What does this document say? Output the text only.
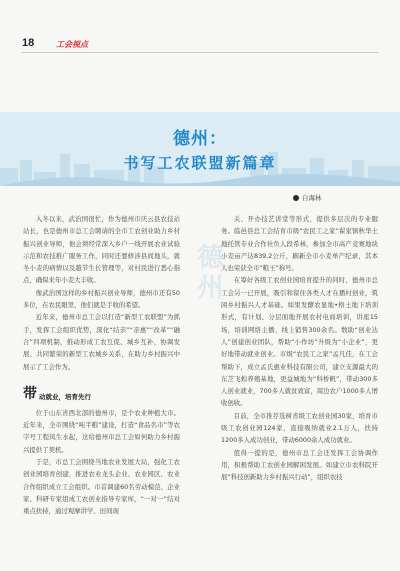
18	工会视点
德州：
书写工农联盟新篇章
自海林
德州

入冬以来，武治国很忙，作为德州市庆云县农技站站长，也是德州市总工会聘请的全市工农创业助力乡村振兴创业导师，他会须经常深入乡户一线开展农业试验示范和农技推广服务工作，同时还要修涉县间地头，就冬小麦的病情以及越节生长管理等，对村民进行悉心指点，确保来年小麦大丰收。

像武治国这样的乡村振兴创业导师，德州市还有50多位，在农民眼里，他们就是手收的希望。

近年来，德州市总工会以打造“新型工农联盟”为抓手，发挥工会组织优势，深化“结亲”“亲惠”“改革”“融合”四项机制，推动形成工农互促、城乡互补、协调发展、共同繁荣的新型工农城乡关系，在助力乡村振兴中展示了工会作为。

带 动就业，培育先行

位于山东省西北部的德州市，是个农业种植大市。近年来，全市围绕“吨半粮”建设，打造“食品名市”等农字号工程凤生水起，这给德州市总工会如何助力乡村振兴提供了契机。

于是，市总工会围绕当地农业发展大局，强化工农创业园培育创建，推进农业龙头企业、农业园区、农业合作组织成立工会组织。市首调建60名劳动模范、企业家、科研专家组成工农创业指导专家库，“一对一”结对重点扶持，通过观摩讲学、田间现

关、开办技艺讲堂等形式，提供多层次的专业服务。临邑县总工会结育市级“农民工之家”翟家镇秋华土地托管专业合作社负人段希林，参加全市高产竞赛地块小麦亩产达839.2公斤，刷新全市小麦单产纪录，其本人也荣获全市“粮王”称号。

在筹好各级工农创业园培育提升的同时，德州市总工会另一已开展，吸引和留住各类人才在播村创业，筑困乡村振兴人才基础。如果发酵农显地•格土地下培训形式，有计划、分层面地开展农村电商培训，讲座15场，培训网络主播、线上销售300余名。数助“创业达人”创建创业团队，帮助“小作坊”升级为“小企业”，更好地带动就业创业。市级“农民工之家”孟凡佳，在工会帮助下，成立孟氏惠业科技有限公司，建立支源最大的东芝飞蝗养殖基地，更益城地为“科桥帆”，带动300多人创业就业，700多人就贫致富，周边农户1000多人增收创收。

目前，全市推荐选树省级工农创业园30家，培育市级工农创业园124家，直接吸纳就业2.1万人，扶持1200多人成功创业，带动6000余人成功就业。

值得一提的是，德州市总工会还发挥工会协调作用，积极帮助工农创业园解困发展。如建立市农科院开展“科技创新助力乡村振兴行动”，组织农技
